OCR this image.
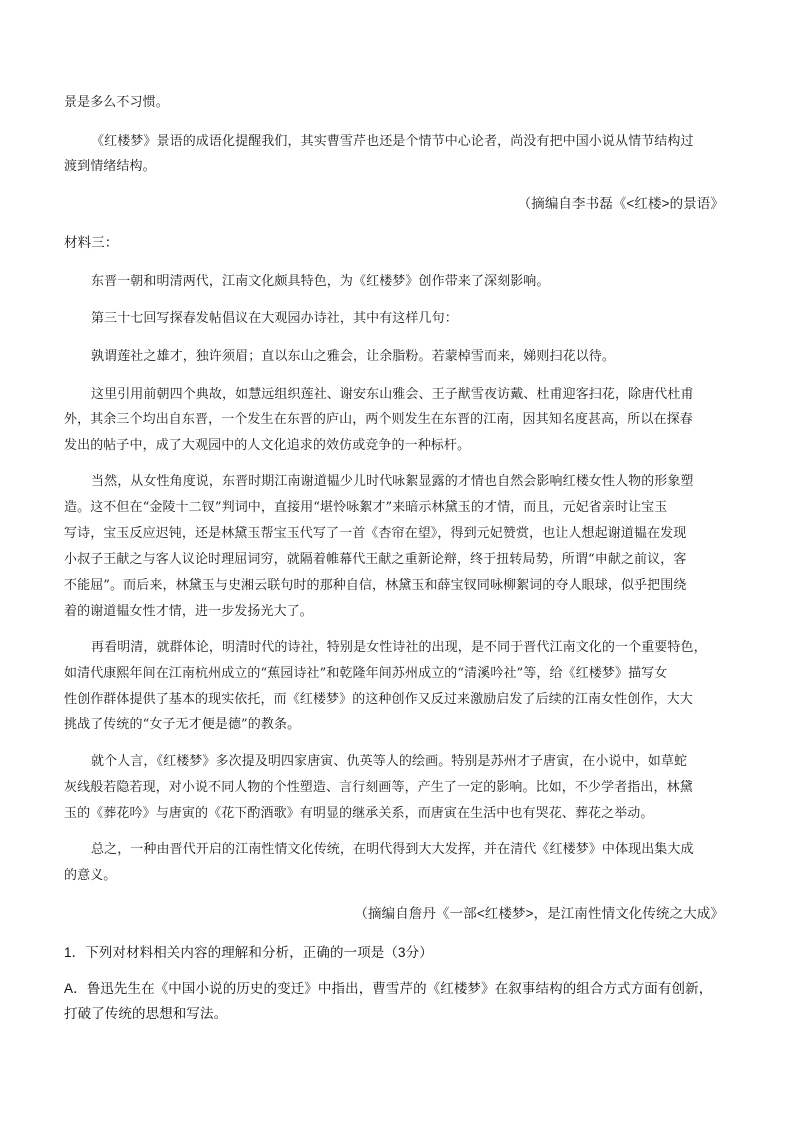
景是多么不习惯。
《红楼梦》景语的成语化提醒我们，其实曹雪芹也还是个情节中心论者，尚没有把中国小说从情节结构过
渡到情绪结构。
（摘编自李书磊《<红楼>的景语》
材料三：
东晋一朝和明清两代，江南文化颇具特色，为《红楼梦》创作带来了深刻影响。
第三十七回写探春发帖倡议在大观园办诗社，其中有这样几句：
孰谓莲社之雄才，独许须眉；直以东山之雅会，让余脂粉。若蒙棹雪而来，娣则扫花以待。
这里引用前朝四个典故，如慧远组织莲社、谢安东山雅会、王子猷雪夜访戴、杜甫迎客扫花，除唐代杜甫
外，其余三个均出自东晋，一个发生在东晋的庐山，两个则发生在东晋的江南，因其知名度甚高，所以在探春
发出的帖子中，成了大观园中的人文化追求的效仿或竞争的一种标杆。
当然，从女性角度说，东晋时期江南谢道韫少儿时代咏絮显露的才情也自然会影响红楼女性人物的形象塑
造。这不但在“金陵十二钗”判词中，直接用“堪怜咏絮才”来暗示林黛玉的才情，而且，元妃省亲时让宝玉
写诗，宝玉反应迟钝，还是林黛玉帮宝玉代写了一首《杏帘在望》，得到元妃赞赏，也让人想起谢道韫在发现
小叔子王献之与客人议论时理屈词穷，就隔着帷幕代王献之重新论辩，终于扭转局势，所谓“申献之前议，客
不能屈”。而后来，林黛玉与史湘云联句时的那种自信，林黛玉和薛宝钗同咏柳絮词的夺人眼球，似乎把围绕
着的谢道韫女性才情，进一步发扬光大了。
再看明清，就群体论，明清时代的诗社，特别是女性诗社的出现，是不同于晋代江南文化的一个重要特色，
如清代康熙年间在江南杭州成立的“蕉园诗社”和乾隆年间苏州成立的“清溪吟社”等，给《红楼梦》描写女
性创作群体提供了基本的现实依托，而《红楼梦》的这种创作又反过来激励启发了后续的江南女性创作，大大
挑战了传统的“女子无才便是德”的教条。
就个人言，《红楼梦》多次提及明四家唐寅、仇英等人的绘画。特别是苏州才子唐寅，在小说中，如草蛇
灰线般若隐若现，对小说不同人物的个性塑造、言行刻画等，产生了一定的影响。比如，不少学者指出，林黛
玉的《葬花吟》与唐寅的《花下酌酒歌》有明显的继承关系，而唐寅在生活中也有哭花、葬花之举动。
总之，一种由晋代开启的江南性情文化传统，在明代得到大大发挥，并在清代《红楼梦》中体现出集大成
的意义。
（摘编自詹丹《一部<红楼梦>，是江南性情文化传统之大成》
1．下列对材料相关内容的理解和分析，正确的一项是（3分）
A．鲁迅先生在《中国小说的历史的变迁》中指出，曹雪芹的《红楼梦》在叙事结构的组合方式方面有创新，
打破了传统的思想和写法。
